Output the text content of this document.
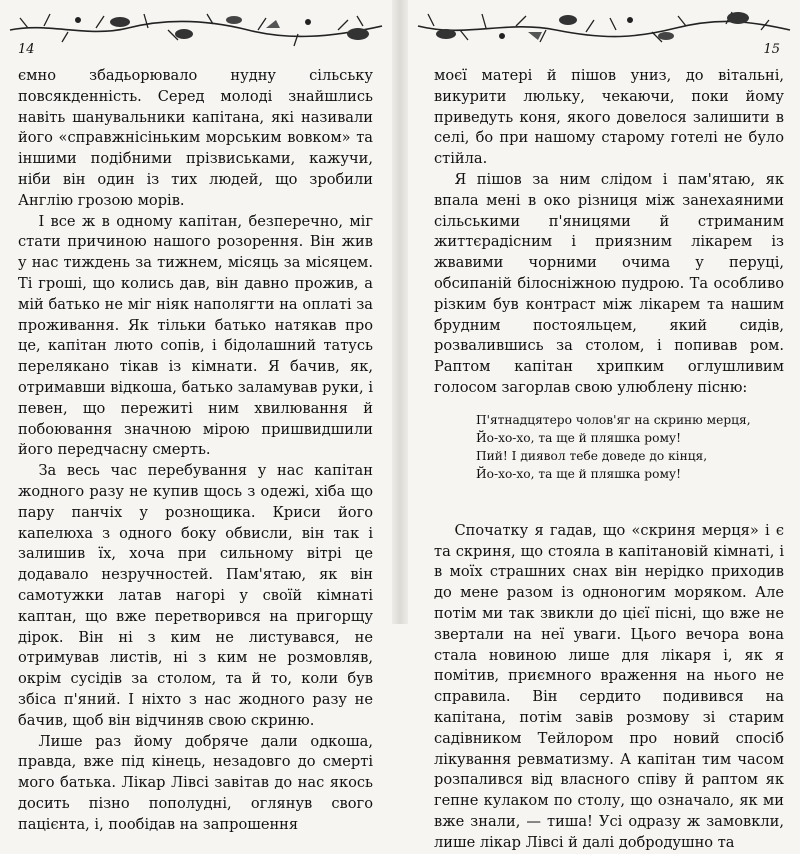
14

ємно збадьорювало нудну сільську повсякденність. Серед молоді знайшлись навіть шанувальники капітана, які називали його «справжнісіньким морським вовком» та іншими подібними прізвиськами, кажучи, ніби він один із тих людей, що зробили Англію грозою морів.

І все ж в одному капітан, безперечно, міг стати причиною нашого розорення. Він жив у нас тиждень за тижнем, місяць за місяцем. Ті гроші, що колись дав, він давно прожив, а мій батько не міг ніяк наполягти на оплаті за проживання. Як тільки батько натякав про це, капітан люто сопів, і бідолашний татусь перелякано тікав із кімнати. Я бачив, як, отримавши відкоша, батько заламував руки, і певен, що пережиті ним хвилювання й побоювання значною мірою пришвидшили його передчасну смерть.

За весь час перебування у нас капітан жодного разу не купив щось з одежі, хіба що пару панчіх у рознощика. Криси його капелюха з одного боку обвисли, він так і залишив їх, хоча при сильному вітрі це додавало незручностей. Пам'ятаю, як він самотужки латав нагорі у своїй кімнаті каптан, що вже перетворився на пригорщу дірок. Він ні з ким не листувався, не отримував листів, ні з ким не розмовляв, окрім сусідів за столом, та й то, коли був збіса п'яний. І ніхто з нас жодного разу не бачив, щоб він відчиняв свою скриню.

Лише раз йому добряче дали одкоша, правда, вже під кінець, незадовго до смерті мого батька. Лікар Лівсі завітав до нас якось досить пізно пополудні, оглянув свого пацієнта, і, пообідав на запрошення

15

моєї матері й пішов униз, до вітальні, викурити люльку, чекаючи, поки йому приведуть коня, якого довелося залишити в селі, бо при нашому старому готелі не було стійла.

Я пішов за ним слідом і пам'ятаю, як впала мені в око різниця між занехаяними сільськими п'яницями й стриманим життєрадісним і приязним лікарем із жвавими чорними очима у перуці, обсипаній білосніжною пудрою. Та особливо різким був контраст між лікарем та нашим брудним постояльцем, який сидів, розвалившись за столом, і попивав ром. Раптом капітан хрипким оглушливим голосом загорлав свою улюблену пісню:

П'ятнадцятеро чолов'яг на скриню мерця,
Йо-хо-хо, та ще й пляшка рому!
Пий! І дияв​ол тебе доведе до кінця,
Йо-хо-хо, та ще й пляшка рому!

Спочатку я гадав, що «скриня мерця» і є та скриня, що стояла в капітановій кімнаті, і в моїх страшних снах він нерідко приходив до мене разом із одноногим моряком. Але потім ми так звикли до цієї пісні, що вже не звертали на неї уваги. Цього вечора вона стала новиною лише для лікаря і, як я помітив, приємного враження на нього не справила. Він сердито подивився на капітана, потім завів розмову зі старим садівником Тейлором про новий спосіб лікування ревматизму. А капітан тим часом розпалився від власного співу й раптом як гепне кулаком по столу, що означало, як ми вже знали, — тиша! Усі одразу ж замовкли, лише лікар Лівсі й далі добродушно та
